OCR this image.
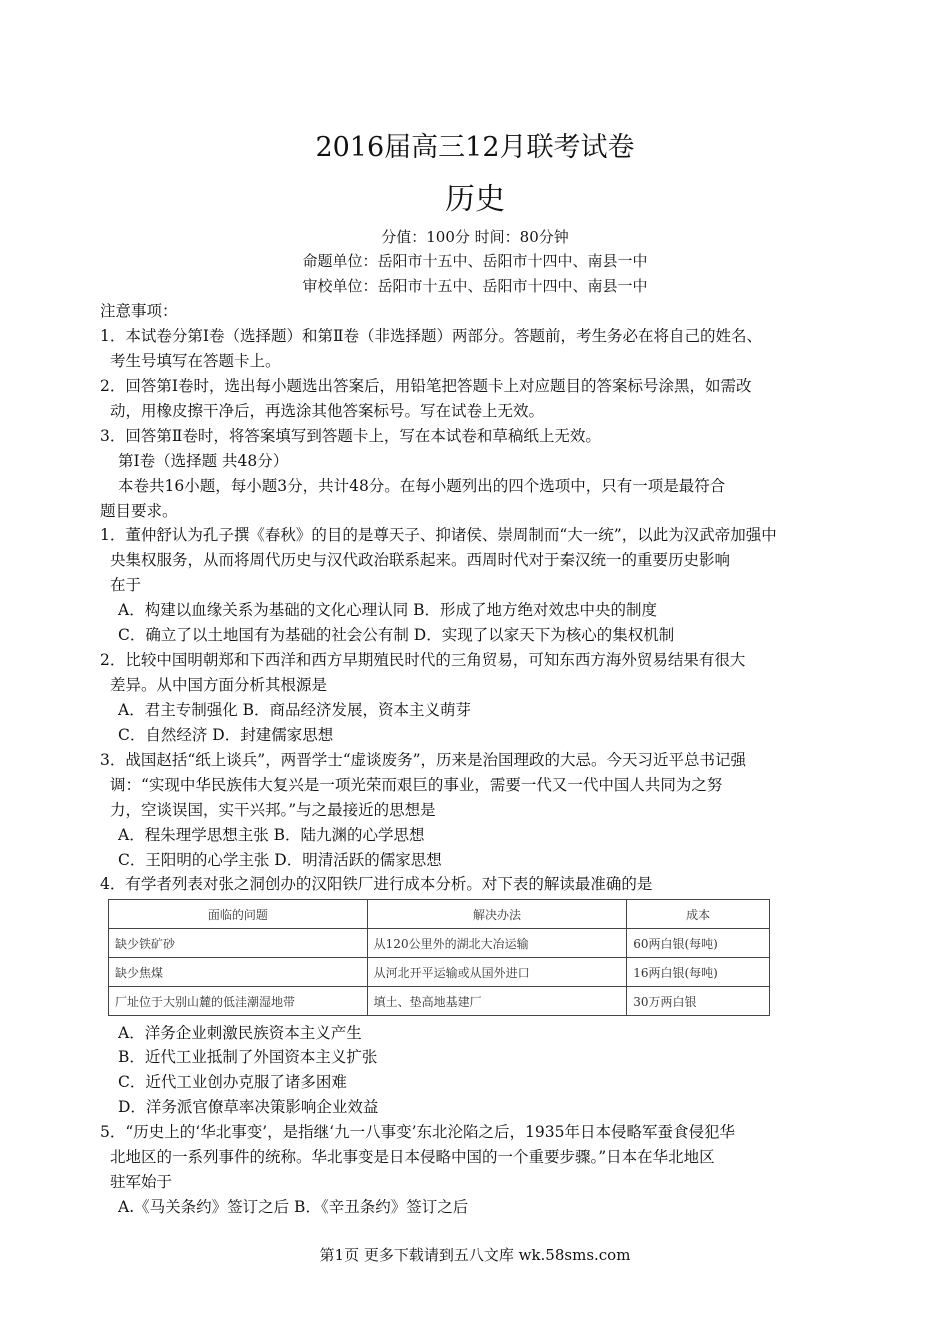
2016届高三12月联考试卷
历史
分值：100分 时间：80分钟
命题单位：岳阳市十五中、岳阳市十四中、南县一中
审校单位：岳阳市十五中、岳阳市十四中、南县一中
注意事项：
1．本试卷分第I卷（选择题）和第Ⅱ卷（非选择题）两部分。答题前，考生务必在将自己的姓名、
考生号填写在答题卡上。
2．回答第I卷时，选出每小题选出答案后，用铅笔把答题卡上对应题目的答案标号涂黑，如需改
动，用橡皮擦干净后，再选涂其他答案标号。写在试卷上无效。
3．回答第Ⅱ卷时，将答案填写到答题卡上，写在本试卷和草稿纸上无效。
第I卷（选择题 共48分）
本卷共16小题，每小题3分，共计48分。在每小题列出的四个选项中，只有一项是最符合
题目要求。
1．董仲舒认为孔子撰《春秋》的目的是尊天子、抑诸侯、崇周制而“大一统”，以此为汉武帝加强中
央集权服务，从而将周代历史与汉代政治联系起来。西周时代对于秦汉统一的重要历史影响
在于
A．构建以血缘关系为基础的文化心理认同 B．形成了地方绝对效忠中央的制度
C．确立了以土地国有为基础的社会公有制 D．实现了以家天下为核心的集权机制
2．比较中国明朝郑和下西洋和西方早期殖民时代的三角贸易，可知东西方海外贸易结果有很大
差异。从中国方面分析其根源是
A．君主专制强化 B．商品经济发展，资本主义萌芽
C．自然经济 D．封建儒家思想
3．战国赵括“纸上谈兵”，两晋学士“虚谈废务”，历来是治国理政的大忌。今天习近平总书记强
调：“实现中华民族伟大复兴是一项光荣而艰巨的事业，需要一代又一代中国人共同为之努
力，空谈误国，实干兴邦。”与之最接近的思想是
A．程朱理学思想主张 B．陆九渊的心学思想
C．王阳明的心学主张 D．明清活跃的儒家思想
4．有学者列表对张之洞创办的汉阳铁厂进行成本分析。对下表的解读最准确的是
面临的问题	解决办法	成本
缺少铁矿砂	从120公里外的湖北大冶运输	60两白银(每吨)
缺少焦煤	从河北开平运输或从国外进口	16两白银(每吨)
厂址位于大别山麓的低洼潮湿地带	填土、垫高地基建厂	30万两白银
A．洋务企业刺激民族资本主义产生
B．近代工业抵制了外国资本主义扩张
C．近代工业创办克服了诸多困难
D．洋务派官僚草率决策影响企业效益
5．“历史上的‘华北事变’，是指继‘九一八事变’东北沦陷之后，1935年日本侵略军蚕食侵犯华
北地区的一系列事件的统称。华北事变是日本侵略中国的一个重要步骤。”日本在华北地区
驻军始于
A.《马关条约》签订之后 B．《辛丑条约》签订之后
第1页 更多下载请到五八文库 wk.58sms.com
